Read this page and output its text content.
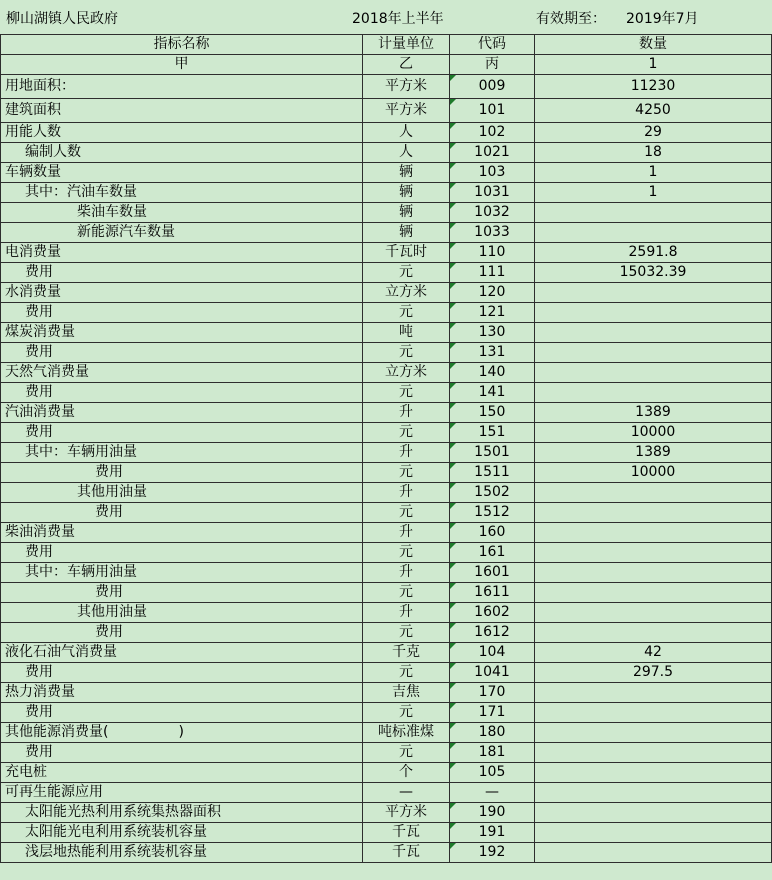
柳山湖镇人民政府	2018年上半年	有效期至： 2019年7月
指标名称	计量单位	代码	数量
甲	乙	丙	1
用地面积：	平方米	009	11230
建筑面积	平方米	101	4250
用能人数	人	102	29
编制人数	人	1021	18
车辆数量	辆	103	1
其中：汽油车数量	辆	1031	1
柴油车数量	辆	1032	
新能源汽车数量	辆	1033	
电消费量	千瓦时	110	2591.8
费用	元	111	15032.39
水消费量	立方米	120	
费用	元	121	
煤炭消费量	吨	130	
费用	元	131	
天然气消费量	立方米	140	
费用	元	141	
汽油消费量	升	150	1389
费用	元	151	10000
其中：车辆用油量	升	1501	1389
费用	元	1511	10000
其他用油量	升	1502	
费用	元	1512	
柴油消费量	升	160	
费用	元	161	
其中：车辆用油量	升	1601	
费用	元	1611	
其他用油量	升	1602	
费用	元	1612	
液化石油气消费量	千克	104	42
费用	元	1041	297.5
热力消费量	吉焦	170	
费用	元	171	
其他能源消费量(　　　　　)	吨标准煤	180	
费用	元	181	
充电桩	个	105	
可再生能源应用	—	—	
太阳能光热利用系统集热器面积	平方米	190	
太阳能光电利用系统装机容量	千瓦	191	
浅层地热能利用系统装机容量	千瓦	192	
